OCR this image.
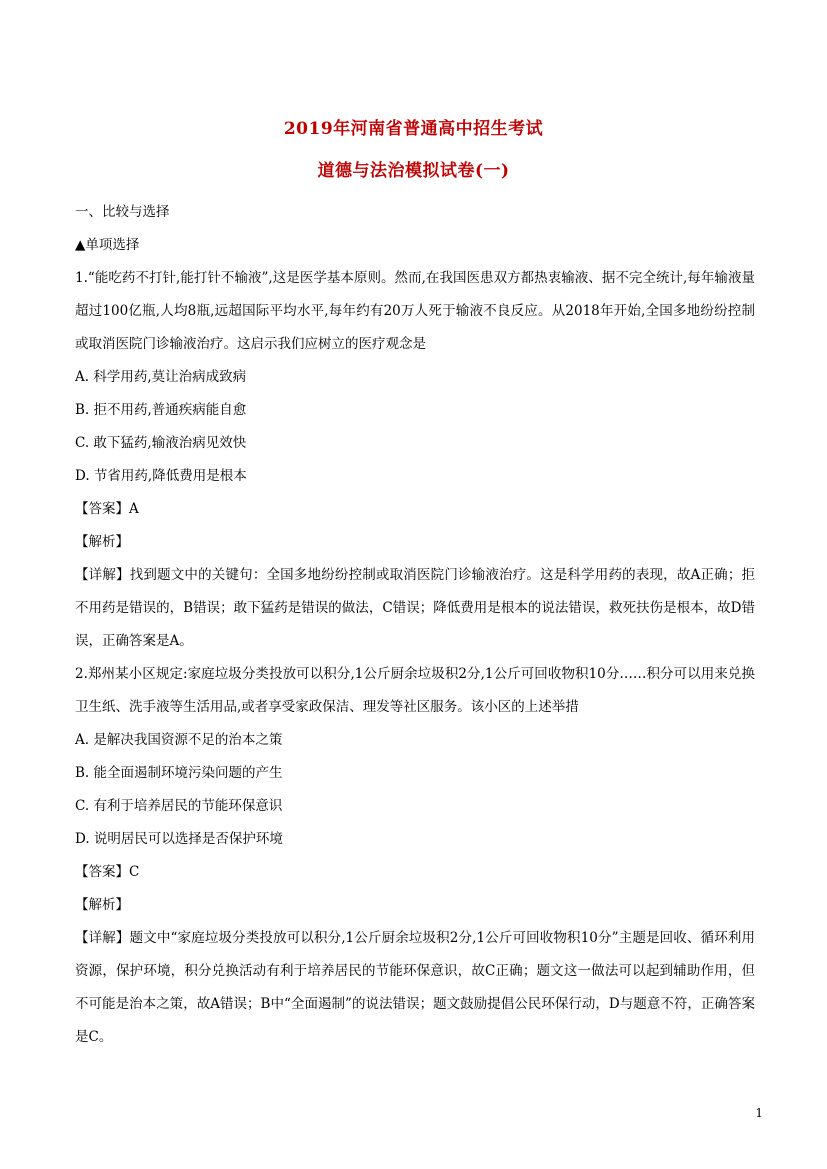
2019年河南省普通高中招生考试
道德与法治模拟试卷(一)
一、比较与选择
▲单项选择
1.“能吃药不打针,能打针不输液”,这是医学基本原则。然而,在我国医患双方都热衷输液、据不完全统计,每年输液量超过100亿瓶,人均8瓶,远超国际平均水平,每年约有20万人死于输液不良反应。从2018年开始,全国多地纷纷控制或取消医院门诊输液治疗。这启示我们应树立的医疗观念是
A. 科学用药,莫让治病成致病
B. 拒不用药,普通疾病能自愈
C. 敢下猛药,输液治病见效快
D. 节省用药,降低费用是根本
【答案】A
【解析】
【详解】找到题文中的关键句：全国多地纷纷控制或取消医院门诊输液治疗。这是科学用药的表现，故A正确；拒不用药是错误的，B错误；敢下猛药是错误的做法，C错误；降低费用是根本的说法错误，救死扶伤是根本，故D错误，正确答案是A。
2.郑州某小区规定:家庭垃圾分类投放可以积分,1公斤厨余垃圾积2分,1公斤可回收物积10分……积分可以用来兑换卫生纸、洗手液等生活用品,或者享受家政保洁、理发等社区服务。该小区的上述举措
A. 是解决我国资源不足的治本之策
B. 能全面遏制环境污染问题的产生
C. 有利于培养居民的节能环保意识
D. 说明居民可以选择是否保护环境
【答案】C
【解析】
【详解】题文中“家庭垃圾分类投放可以积分,1公斤厨余垃圾积2分,1公斤可回收物积10分”主题是回收、循环利用资源，保护环境，积分兑换活动有利于培养居民的节能环保意识，故C正确；题文这一做法可以起到辅助作用，但不可能是治本之策，故A错误；B中“全面遏制”的说法错误；题文鼓励提倡公民环保行动，D与题意不符，正确答案是C。
1
